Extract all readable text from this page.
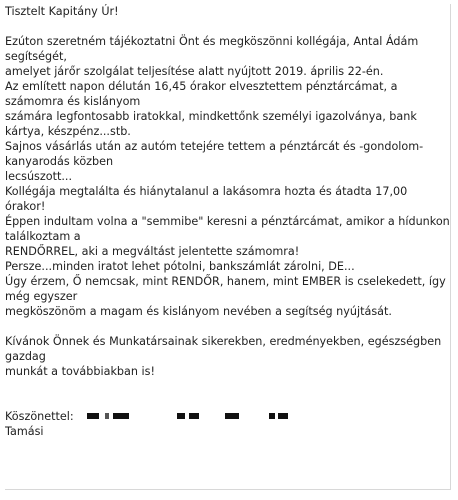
Tisztelt Kapitány Úr!
Ezúton szeretném tájékoztatni Önt és megköszönni kollégája, Antal Ádám
segítségét,
amelyet járőr szolgálat teljesítése alatt nyújtott 2019. április 22-én.
Az említett napon délután 16,45 órakor elvesztettem pénztárcámat, a
számomra és kislányom
számára legfontosabb iratokkal, mindkettőnk személyi igazolványa, bank
kártya, készpénz...stb.
Sajnos vásárlás után az autóm tetejére tettem a pénztárcát és -gondolom-
kanyarodás közben
lecsúszott...
Kollégája megtalálta és hiánytalanul a lakásomra hozta és átadta 17,00
órakor!
Éppen indultam volna a "semmibe" keresni a pénztárcámat, amikor a hídunkon
találkoztam a
RENDŐRREL, aki a megváltást jelentette számomra!
Persze...minden iratot lehet pótolni, bankszámlát zárolni, DE...
Úgy érzem, Ő nemcsak, mint RENDŐR, hanem, mint EMBER is cselekedett, így
még egyszer
megköszönöm a magam és kislányom nevében a segítség nyújtását.
Kívánok Önnek és Munkatársainak sikerekben, eredményekben, egészségben
gazdag
munkát a továbbiakban is!
Köszönettel:
Tamási
